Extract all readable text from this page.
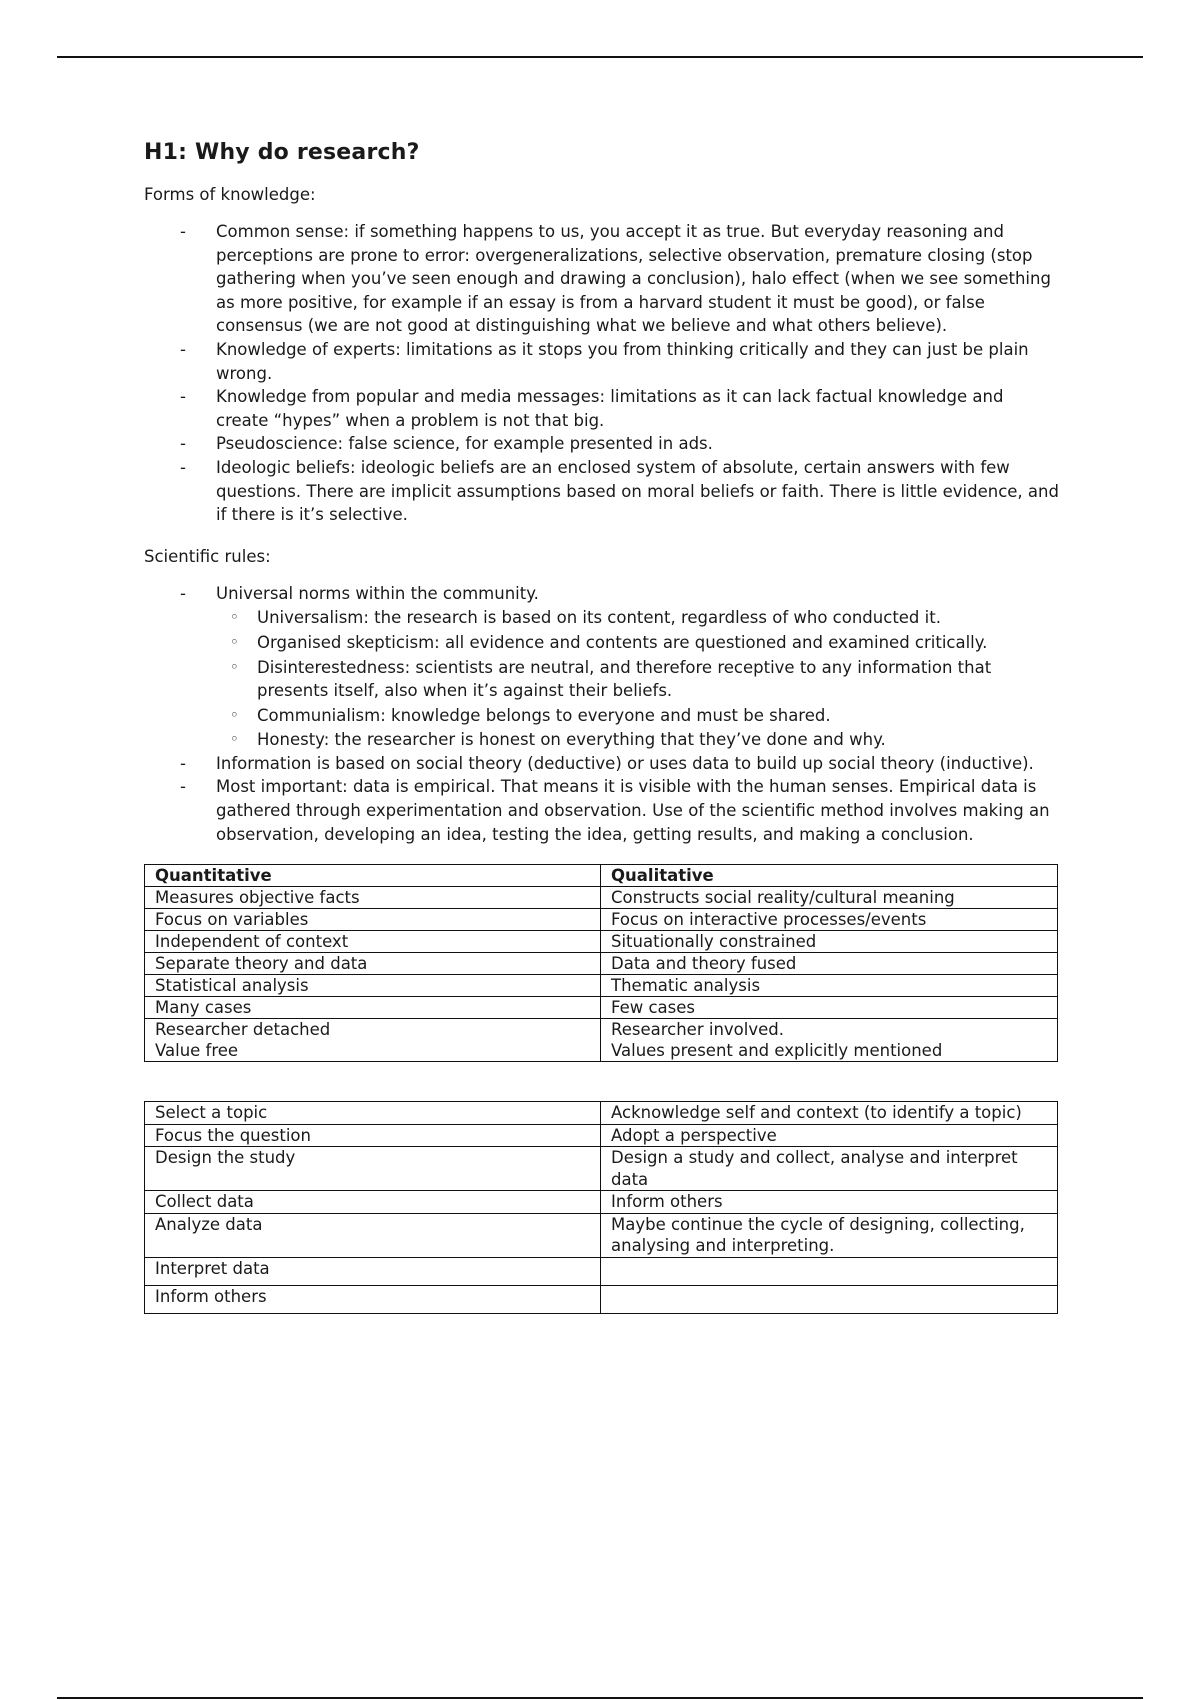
H1: Why do research?

Forms of knowledge:

- Common sense: if something happens to us, you accept it as true. But everyday reasoning and perceptions are prone to error: overgeneralizations, selective observation, premature closing (stop gathering when you’ve seen enough and drawing a conclusion), halo effect (when we see something as more positive, for example if an essay is from a harvard student it must be good), or false consensus (we are not good at distinguishing what we believe and what others believe).
- Knowledge of experts: limitations as it stops you from thinking critically and they can just be plain wrong.
- Knowledge from popular and media messages: limitations as it can lack factual knowledge and create “hypes” when a problem is not that big.
- Pseudoscience: false science, for example presented in ads.
- Ideologic beliefs: ideologic beliefs are an enclosed system of absolute, certain answers with few questions. There are implicit assumptions based on moral beliefs or faith. There is little evidence, and if there is it’s selective.

Scientific rules:

- Universal norms within the community.
◦ Universalism: the research is based on its content, regardless of who conducted it.
◦ Organised skepticism: all evidence and contents are questioned and examined critically.
◦ Disinterestedness: scientists are neutral, and therefore receptive to any information that presents itself, also when it’s against their beliefs.
◦ Communialism: knowledge belongs to everyone and must be shared.
◦ Honesty: the researcher is honest on everything that they’ve done and why.
- Information is based on social theory (deductive) or uses data to build up social theory (inductive).
- Most important: data is empirical. That means it is visible with the human senses. Empirical data is gathered through experimentation and observation. Use of the scientific method involves making an observation, developing an idea, testing the idea, getting results, and making a conclusion.
Quantitative	Qualitative
Measures objective facts	Constructs social reality/cultural meaning
Focus on variables	Focus on interactive processes/events
Independent of context	Situationally constrained
Separate theory and data	Data and theory fused
Statistical analysis	Thematic analysis
Many cases	Few cases
Researcher detached	Researcher involved.
Value free	Values present and explicitly mentioned
Select a topic	Acknowledge self and context (to identify a topic)
Focus the question	Adopt a perspective
Design the study	Design a study and collect, analyse and interpret data
Collect data	Inform others
Analyze data	Maybe continue the cycle of designing, collecting, analysing and interpreting.
Interpret data	
Inform others	
